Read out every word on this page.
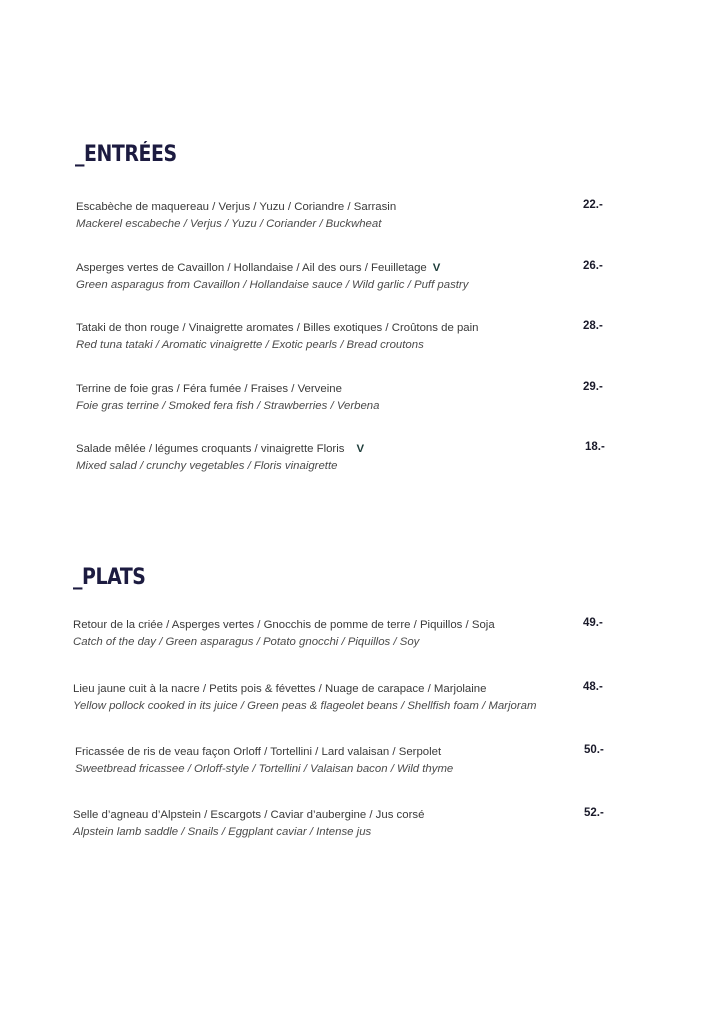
_ENTRÉES
Escabèche de maquereau / Verjus / Yuzu / Coriandre / Sarrasin
Mackerel escabeche / Verjus / Yuzu / Coriander / Buckwheat
22.-
Asperges vertes de Cavaillon / Hollandaise / Ail des ours / Feuilletage V
Green asparagus from Cavaillon / Hollandaise sauce / Wild garlic / Puff pastry
26.-
Tataki de thon rouge / Vinaigrette aromates / Billes exotiques / Croûtons de pain
Red tuna tataki / Aromatic vinaigrette / Exotic pearls / Bread croutons
28.-
Terrine de foie gras / Féra fumée / Fraises / Verveine
Foie gras terrine / Smoked fera fish / Strawberries / Verbena
29.-
Salade mêlée / légumes croquants / vinaigrette Floris V
Mixed salad / crunchy vegetables / Floris vinaigrette
18.-
_PLATS
Retour de la criée / Asperges vertes / Gnocchis de pomme de terre / Piquillos / Soja
Catch of the day / Green asparagus / Potato gnocchi / Piquillos / Soy
49.-
Lieu jaune cuit à la nacre / Petits pois & févettes / Nuage de carapace / Marjolaine
Yellow pollock cooked in its juice / Green peas & flageolet beans / Shellfish foam / Marjoram
48.-
Fricassée de ris de veau façon Orloff / Tortellini / Lard valaisan / Serpolet
Sweetbread fricassee / Orloff-style / Tortellini / Valaisan bacon / Wild thyme
50.-
Selle d’agneau d’Alpstein / Escargots / Caviar d’aubergine / Jus corsé
Alpstein lamb saddle / Snails / Eggplant caviar / Intense jus
52.-
